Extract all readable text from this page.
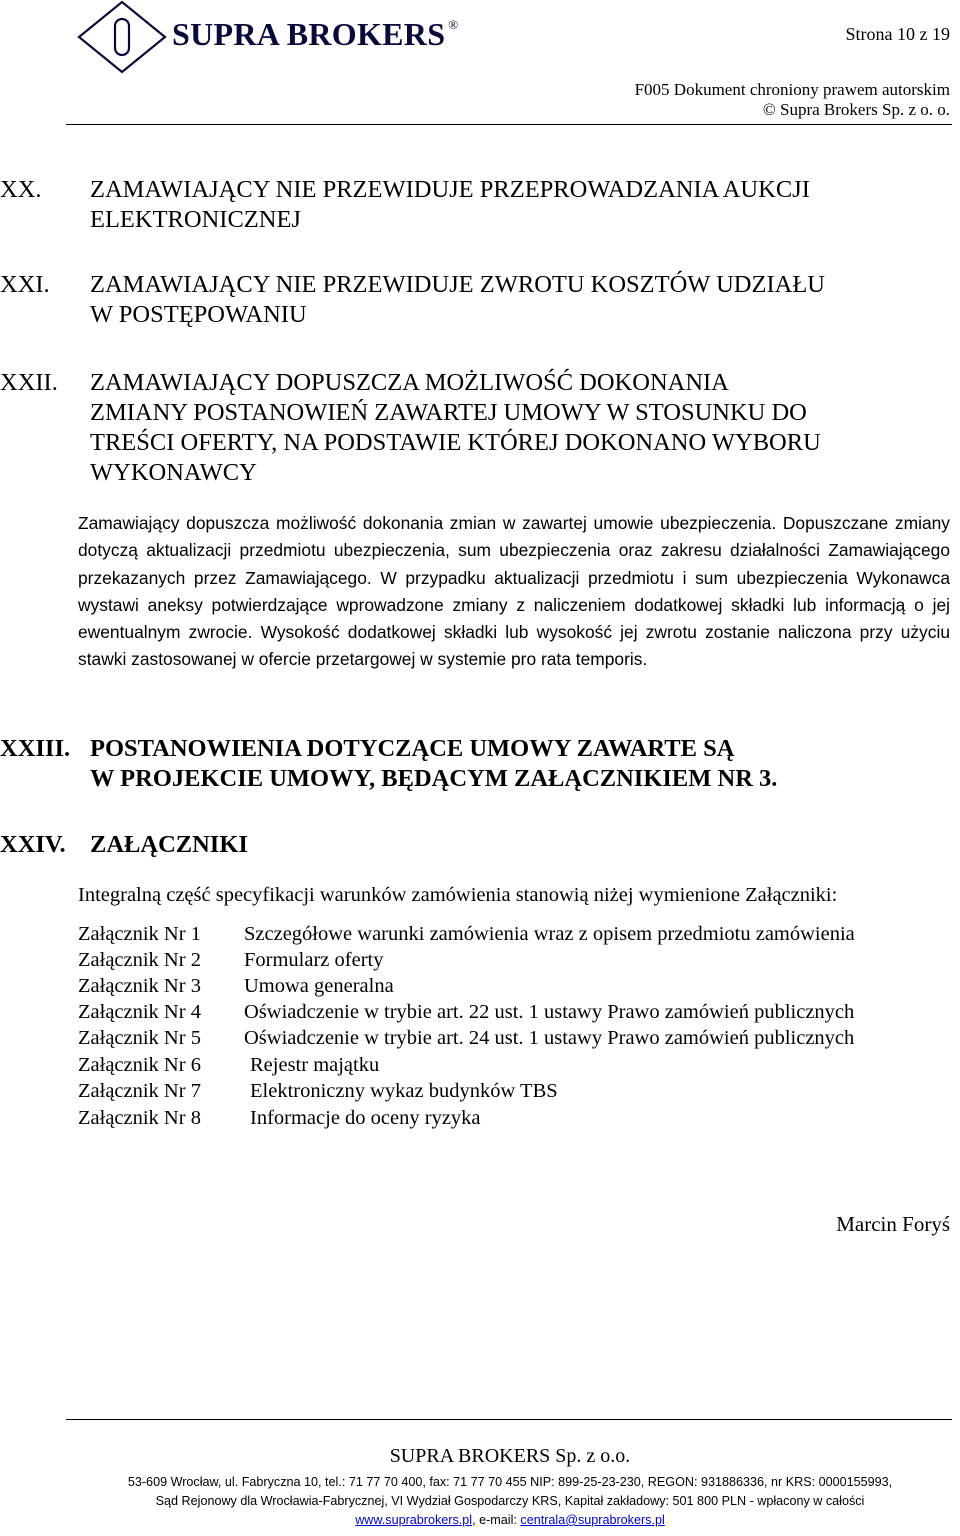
SUPRA BROKERS ®	Strona 10 z 19
F005 Dokument chroniony prawem autorskim
© Supra Brokers Sp. z o. o.
XX. ZAMAWIAJĄCY NIE PRZEWIDUJE PRZEPROWADZANIA AUKCJI
ELEKTRONICZNEJ
XXI. ZAMAWIAJĄCY NIE PRZEWIDUJE ZWROTU KOSZTÓW UDZIAŁU
W POSTĘPOWANIU
XXII. ZAMAWIAJĄCY DOPUSZCZA MOŻLIWOŚĆ DOKONANIA
ZMIANY POSTANOWIEŃ ZAWARTEJ UMOWY W STOSUNKU DO
TREŚCI OFERTY, NA PODSTAWIE KTÓREJ DOKONANO WYBORU
WYKONAWCY
Zamawiający dopuszcza możliwość dokonania zmian w zawartej umowie ubezpieczenia. Dopuszczane zmiany dotyczą aktualizacji przedmiotu ubezpieczenia, sum ubezpieczenia oraz zakresu działalności Zamawiającego przekazanych przez Zamawiającego. W przypadku aktualizacji przedmiotu i sum ubezpieczenia Wykonawca wystawi aneksy potwierdzające wprowadzone zmiany z naliczeniem dodatkowej składki lub informacją o jej ewentualnym zwrocie. Wysokość dodatkowej składki lub wysokość jej zwrotu zostanie naliczona przy użyciu stawki zastosowanej w ofercie przetargowej w systemie pro rata temporis.
XXIII. POSTANOWIENIA DOTYCZĄCE UMOWY ZAWARTE SĄ
W PROJEKCIE UMOWY, BĘDĄCYM ZAŁĄCZNIKIEM NR 3.
XXIV. ZAŁĄCZNIKI
Integralną część specyfikacji warunków zamówienia stanowią niżej wymienione Załączniki:
Załącznik Nr 1 Szczegółowe warunki zamówienia wraz z opisem przedmiotu zamówienia
Załącznik Nr 2 Formularz oferty
Załącznik Nr 3 Umowa generalna
Załącznik Nr 4 Oświadczenie w trybie art. 22 ust. 1 ustawy Prawo zamówień publicznych
Załącznik Nr 5 Oświadczenie w trybie art. 24 ust. 1 ustawy Prawo zamówień publicznych
Załącznik Nr 6 Rejestr majątku
Załącznik Nr 7 Elektroniczny wykaz budynków TBS
Załącznik Nr 8 Informacje do oceny ryzyka
Marcin Foryś
SUPRA BROKERS Sp. z o.o.
53-609 Wrocław, ul. Fabryczna 10, tel.: 71 77 70 400, fax: 71 77 70 455 NIP: 899-25-23-230, REGON: 931886336, nr KRS: 0000155993,
Sąd Rejonowy dla Wrocławia-Fabrycznej, VI Wydział Gospodarczy KRS, Kapitał zakładowy: 501 800 PLN - wpłacony w całości
www.suprabrokers.pl, e-mail: centrala@suprabrokers.pl
